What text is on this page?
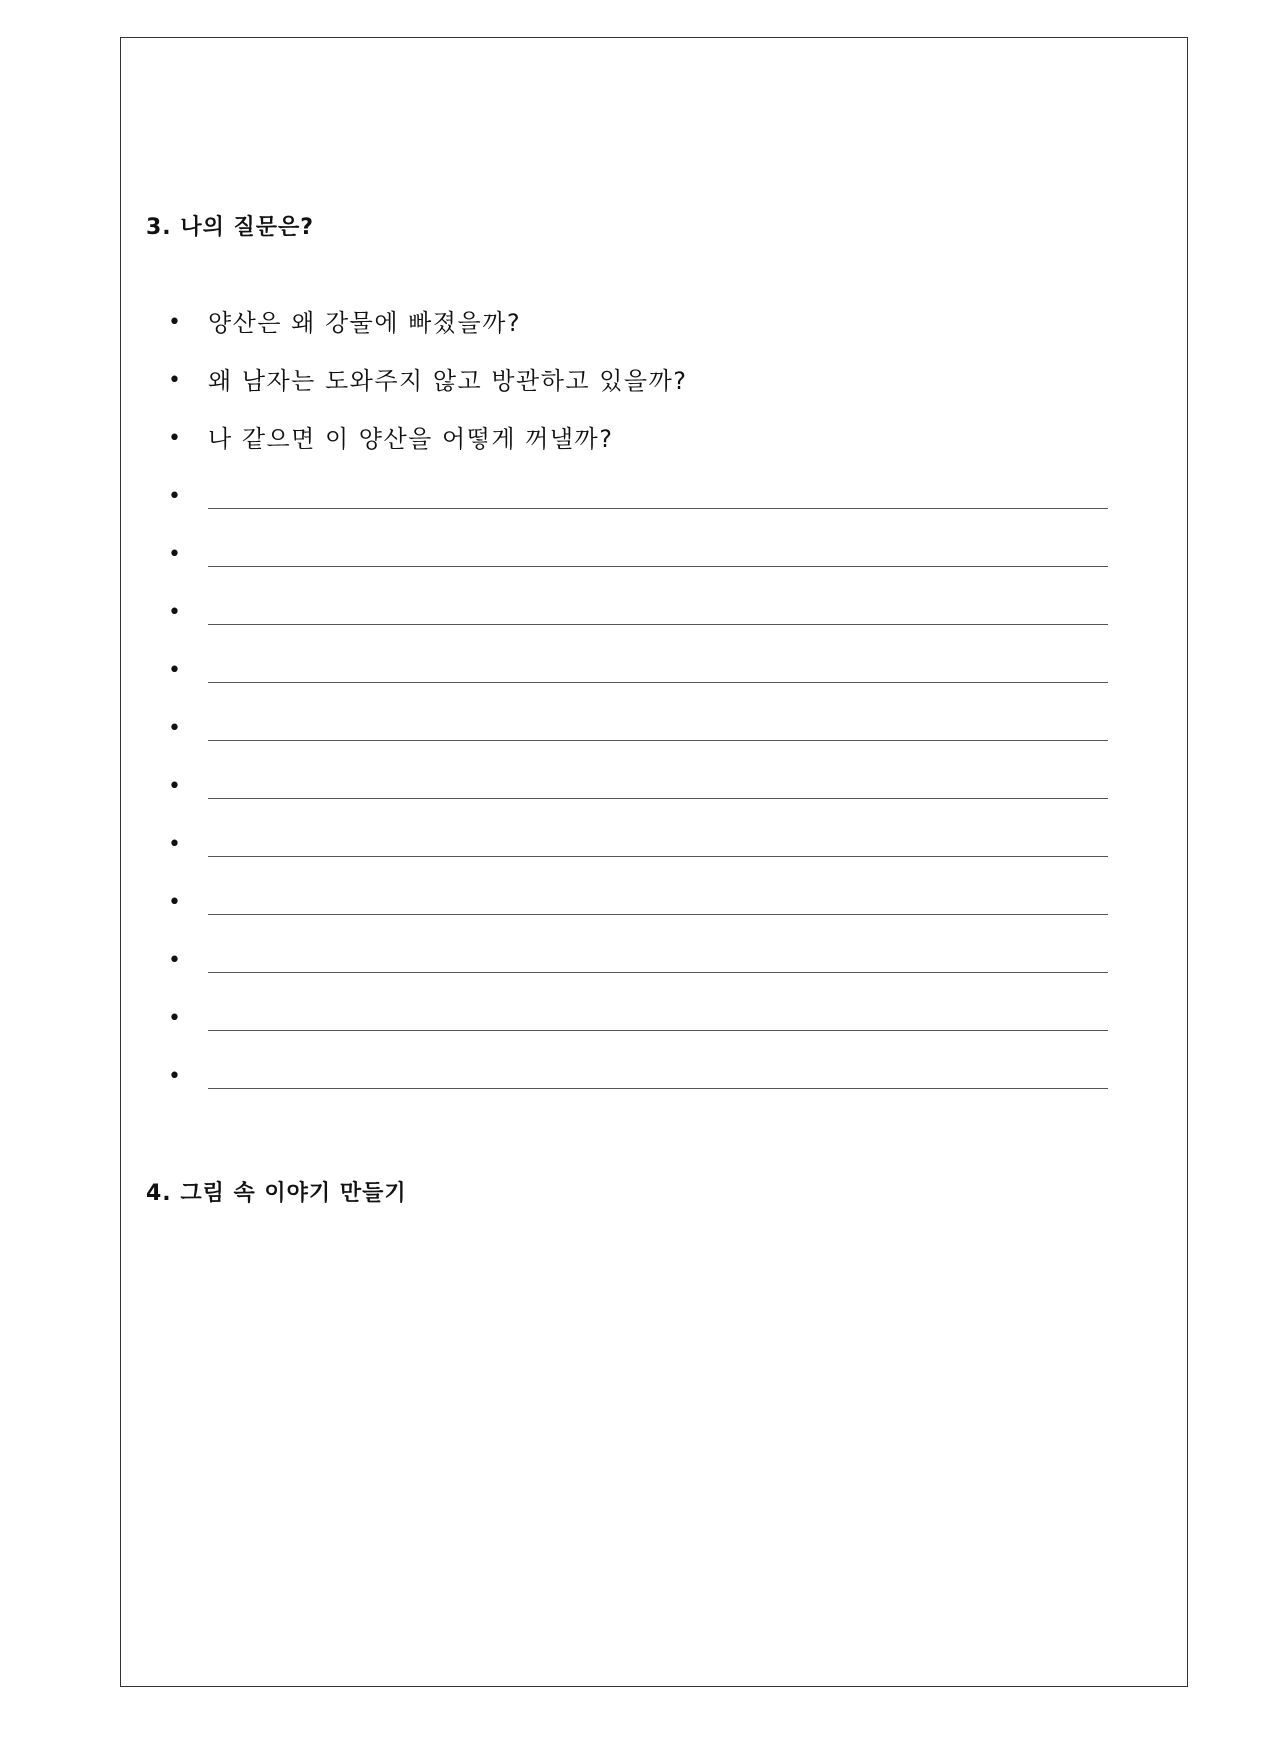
3. 나의 질문은?
• 양산은 왜 강물에 빠졌을까?
• 왜 남자는 도와주지 않고 방관하고 있을까?
• 나 같으면 이 양산을 어떻게 꺼낼까?
•
•
•
•
•
•
•
•
•
•
•
4. 그림 속 이야기 만들기
